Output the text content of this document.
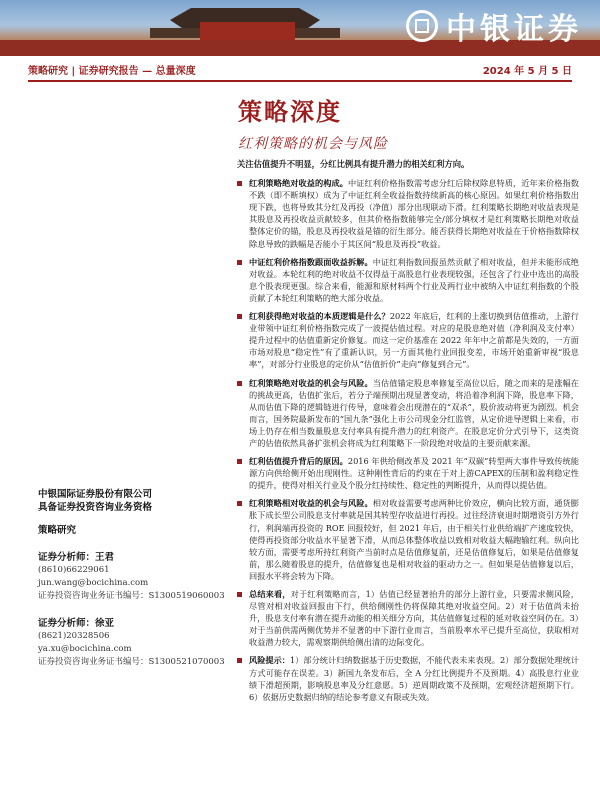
中银证券
策略研究 | 证券研究报告 — 总量深度	2024 年 5 月 5 日
策略深度
红利策略的机会与风险
中银国际证券股份有限公司
具备证券投资咨询业务资格
策略研究
证券分析师：王君
(8610)66229061
jun.wang@bocichina.com
证券投资咨询业务证书编号：S1300519060003
证券分析师：徐亚
(8621)20328506
ya.xu@bocichina.com
证券投资咨询业务证书编号：S1300521070003
关注估值提升不明显，分红比例具有提升潜力的相关红利方向。
红利策略绝对收益的构成。中证红利价格指数需考虑分红后除权除息特质，近年来价格指数不跌（即不断填权）成为了中证红利全收益指数持续新高的核心原因。如果红利价格指数出现下跌，也将导致其分红及再投（净值）部分出现联动下滑。红利策略长期绝对收益表现是其股息及再投收益贡献较多，但其价格指数能够完全/部分填权才是红利策略长期绝对收益整体定价的锚，股息及再投收益是锚的衍生部分。能否获得长期绝对收益在于价格指数除权除息导致的跌幅是否能小于其区间“股息及再投”收益。
中证红利价格指数跟面收益拆解。中证红利指数回报虽然贡献了相对收益，但并未能形成绝对收益。本轮红利的绝对收益不仅得益于高股息行业表现较强，还包含了行业中选出的高股息个股表现更强。综合来看，能源和原材料两个行业及两行业中被纳入中证红利指数的个股贡献了本轮红利策略的绝大部分收益。
红利获得绝对收益的本质逻辑是什么？2022 年底后，红利的上涨切换到估值推动，上游行业带领中证红利价格指数完成了一波提估值过程。对应的是股息绝对值（净利润及支付率）提升过程中的估值重新定价修复。而这一定价基准在 2022 年年中之前都是失效的，一方面市场对股息“稳定性”有了重新认识，另一方面其他行业回报变差，市场开始重新审视“股息率”，对部分行业股息的定价从“估值折价”走向“修复到合元”。
红利策略绝对收益的机会与风险。当估值锚定股息率修复至高位以后，随之而来的是涨幅在的挑战更高，估值扩张后，若分子端预期出现显著变动，将沿着净利润下降，股息率下降，从而估值下降的逻辑链进行传导，意味着会出现潜在的“双杀”，股价波动将更为剧烈。机会而言，国务院最新发布的“国九条”强化上市公司现金分红监管，从定价进导逻辑上来看，市场上仍存在相当数量股息支付率具有提升潜力的红利资产。在股息定价分式引导下，这类资产的估值依然具备扩张机会将成为红利策略下一阶段绝对收益的主要贡献来源。
红利估值提升背后的原因。2016 年供给侧改革及 2021 年“双碳”转型两大事件导致传统能源方向供给侧开始出现刚性。这种刚性背后的约束在于对上游CAPEX的压制和盈利稳定性的提升，使得对相关行业及个股分红持续性、稳定性的判断提升，从而得以提估值。
红利策略相对收益的机会与风险。相对收益需要考虑两种比价效应，横向比较方面，通货膨胀下成长型公司股息支付率就是国其转型存收益进行再投。过往经济衰退时期增资引方外行行，利润端再投资的 ROE 回报较好，但 2021 年后，由于相关行业供给端扩产速度较快，使得再投资部分收益水平显著下滑，从而总体整体收益以致相对收益大幅跑输红利。纵向比较方面，需要考虑所持红利资产当前时点是估值修复前，还是估值修复后，如果是估值修复前，那么随着股息的提升，估值修复也是相对收益的驱动力之一。但如果是估值修复以后，回报水平将会转为下降。
总结来看，对于红利策略而言，1）估值已经显著抬升的部分上游行业，只要需求侧风险，尽管对相对收益回报由下行，供给侧刚性仍将保障其绝对收益空间。2）对于估值尚未抬升，股息支付率有潜在提升动能的相关细分方向，其估值修复过程的延对收益空间仍在。3）对于当前供需两侧优势并不显著的中下游行业而言，当前股率水平已提升至高位，获取相对收益潜力较大，需观察期供给侧出清的边际变化。
风险提示：1）部分统计归纳数据基于历史数据，不能代表未来表现。2）部分数据处理统计方式可能存在误差。3）新国九条发布后，全 A 分红比例提升不及预期。4）高股息行业业绩下滑超预期，影响股息率及分红意愿。5）逆周期政策不及预期，宏观经济超预期下行。6）依据历史数据归纳的结论参考意义有限或失效。
